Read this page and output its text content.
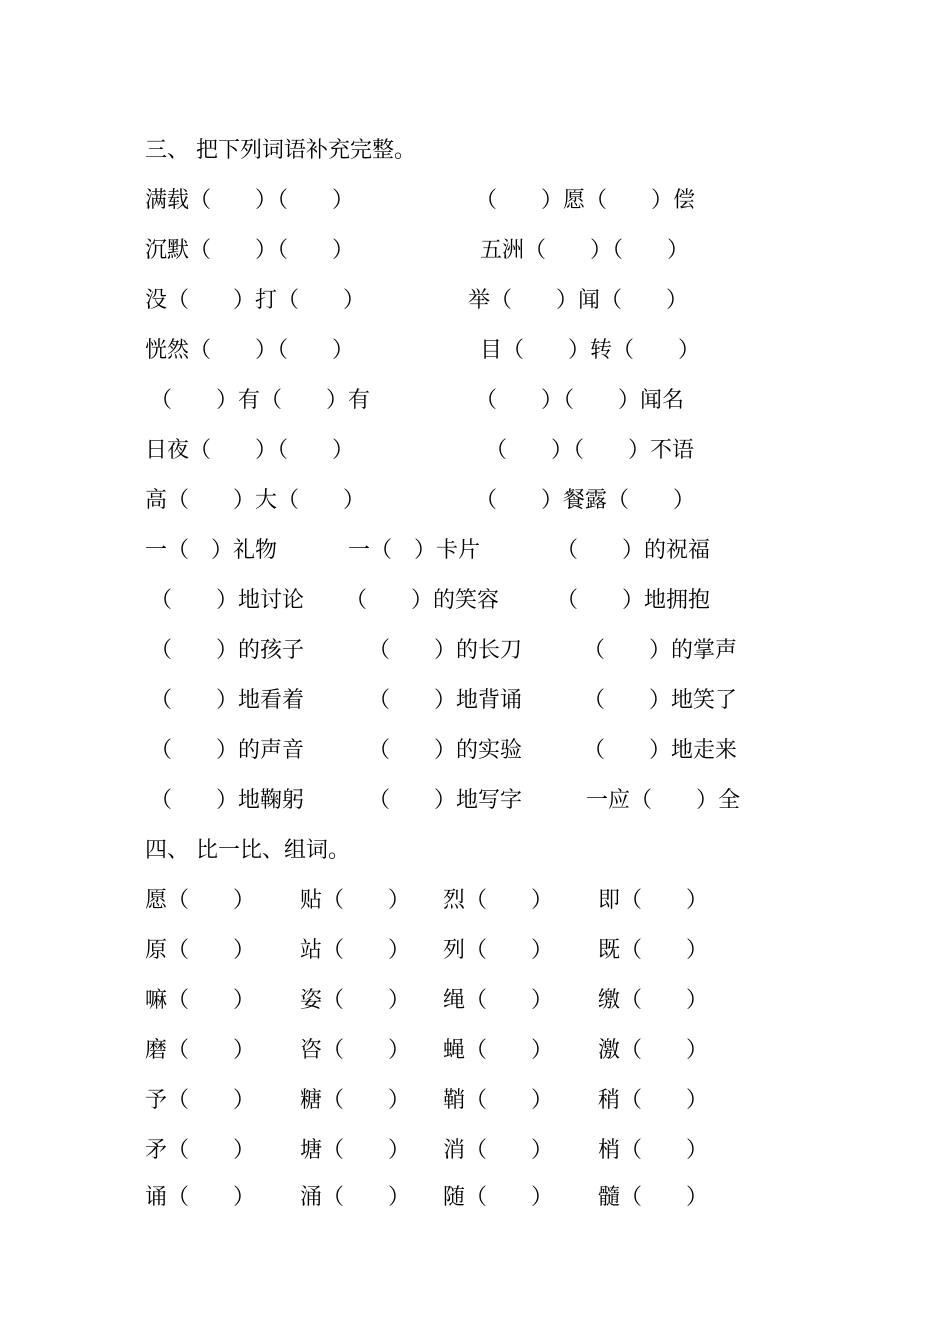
三、 把下列词语补充完整。
满载（　　）（　　）	（　　）愿（　　）偿
沉默（　　）（　　）	五洲（　　）（　　）
没（　　）打（　　）	举（　　）闻（　　）
恍然（　　）（　　）	目（　　）转（　　）
（　　）有（　　）有	（　　）（　　）闻名
日夜（　　）（　　）	（　　）（　　）不语
高（　　）大（　　）	（　　）餐露（　　）
一（　）礼物	一（　）卡片	（　　）的祝福
（　　）地讨论 （　　）的笑容	（　　）地拥抱
（　　）的孩子	（　　）的长刀	（　　）的掌声
（　　）地看着	（　　）地背诵	（　　）地笑了
（　　）的声音	（　　）的实验	（　　）地走来
（　　）地鞠躬	（　　）地写字	一应（　　）全
四、 比一比、组词。
愿（　　） 贴（　　） 烈（　　） 即（　　）
原（　　） 站（　　） 列（　　） 既（　　）
嘛（　　） 姿（　　） 绳（　　） 缴（　　）
磨（　　） 咨（　　） 蝇（　　） 激（　　）
予（　　） 糖（　　） 鞘（　　） 稍（　　）
矛（　　） 塘（　　） 消（　　） 梢（　　）
诵（　　） 涌（　　） 随（　　） 髓（　　）
